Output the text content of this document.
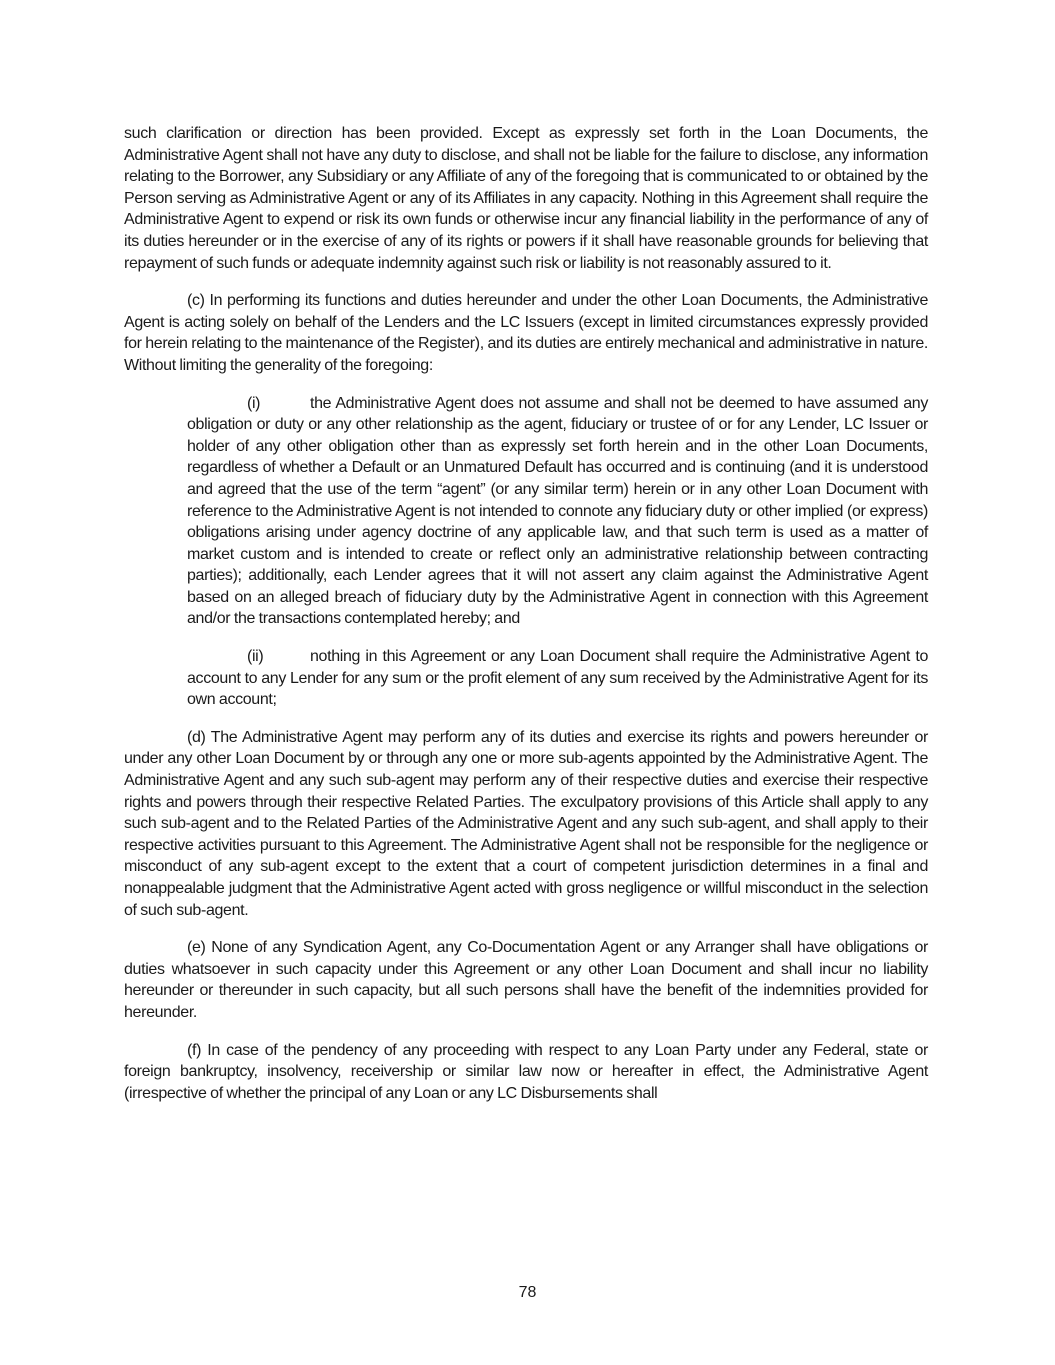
such clarification or direction has been provided. Except as expressly set forth in the Loan Documents, the Administrative Agent shall not have any duty to disclose, and shall not be liable for the failure to disclose, any information relating to the Borrower, any Subsidiary or any Affiliate of any of the foregoing that is communicated to or obtained by the Person serving as Administrative Agent or any of its Affiliates in any capacity. Nothing in this Agreement shall require the Administrative Agent to expend or risk its own funds or otherwise incur any financial liability in the performance of any of its duties hereunder or in the exercise of any of its rights or powers if it shall have reasonable grounds for believing that repayment of such funds or adequate indemnity against such risk or liability is not reasonably assured to it.

(c) In performing its functions and duties hereunder and under the other Loan Documents, the Administrative Agent is acting solely on behalf of the Lenders and the LC Issuers (except in limited circumstances expressly provided for herein relating to the maintenance of the Register), and its duties are entirely mechanical and administrative in nature. Without limiting the generality of the foregoing:

(i)	the Administrative Agent does not assume and shall not be deemed to have assumed any obligation or duty or any other relationship as the agent, fiduciary or trustee of or for any Lender, LC Issuer or holder of any other obligation other than as expressly set forth herein and in the other Loan Documents, regardless of whether a Default or an Unmatured Default has occurred and is continuing (and it is understood and agreed that the use of the term “agent” (or any similar term) herein or in any other Loan Document with reference to the Administrative Agent is not intended to connote any fiduciary duty or other implied (or express) obligations arising under agency doctrine of any applicable law, and that such term is used as a matter of market custom and is intended to create or reflect only an administrative relationship between contracting parties); additionally, each Lender agrees that it will not assert any claim against the Administrative Agent based on an alleged breach of fiduciary duty by the Administrative Agent in connection with this Agreement and/or the transactions contemplated hereby; and
(ii)	nothing in this Agreement or any Loan Document shall require the Administrative Agent to account to any Lender for any sum or the profit element of any sum received by the Administrative Agent for its own account;

(d) The Administrative Agent may perform any of its duties and exercise its rights and powers hereunder or under any other Loan Document by or through any one or more sub-agents appointed by the Administrative Agent. The Administrative Agent and any such sub-agent may perform any of their respective duties and exercise their respective rights and powers through their respective Related Parties. The exculpatory provisions of this Article shall apply to any such sub-agent and to the Related Parties of the Administrative Agent and any such sub-agent, and shall apply to their respective activities pursuant to this Agreement. The Administrative Agent shall not be responsible for the negligence or misconduct of any sub-agent except to the extent that a court of competent jurisdiction determines in a final and nonappealable judgment that the Administrative Agent acted with gross negligence or willful misconduct in the selection of such sub-agent.

(e) None of any Syndication Agent, any Co-Documentation Agent or any Arranger shall have obligations or duties whatsoever in such capacity under this Agreement or any other Loan Document and shall incur no liability hereunder or thereunder in such capacity, but all such persons shall have the benefit of the indemnities provided for hereunder.

(f) In case of the pendency of any proceeding with respect to any Loan Party under any Federal, state or foreign bankruptcy, insolvency, receivership or similar law now or hereafter in effect, the Administrative Agent (irrespective of whether the principal of any Loan or any LC Disbursements shall

78
